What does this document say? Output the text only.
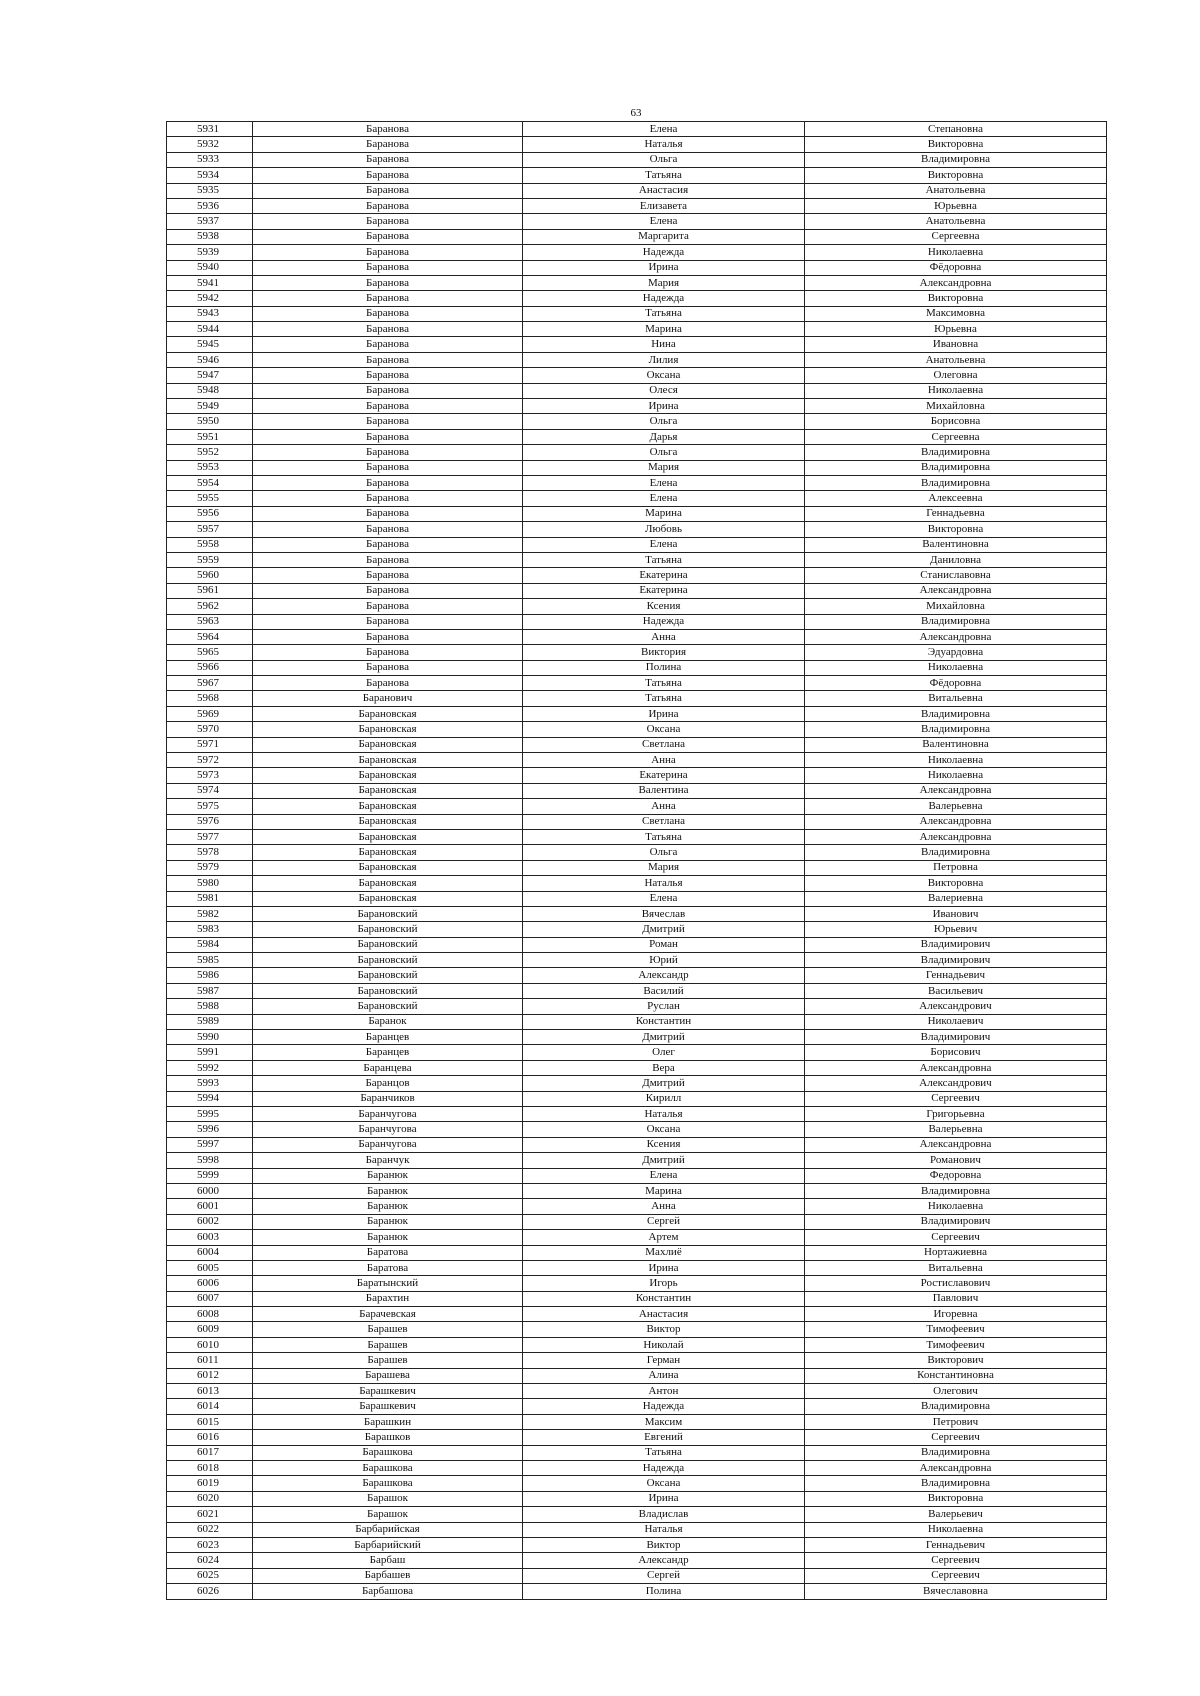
63
5931	Баранова	Елена	Степановна
5932	Баранова	Наталья	Викторовна
5933	Баранова	Ольга	Владимировна
5934	Баранова	Татьяна	Викторовна
5935	Баранова	Анастасия	Анатольевна
5936	Баранова	Елизавета	Юрьевна
5937	Баранова	Елена	Анатольевна
5938	Баранова	Маргарита	Сергеевна
5939	Баранова	Надежда	Николаевна
5940	Баранова	Ирина	Фёдоровна
5941	Баранова	Мария	Александровна
5942	Баранова	Надежда	Викторовна
5943	Баранова	Татьяна	Максимовна
5944	Баранова	Марина	Юрьевна
5945	Баранова	Нина	Ивановна
5946	Баранова	Лилия	Анатольевна
5947	Баранова	Оксана	Олеговна
5948	Баранова	Олеся	Николаевна
5949	Баранова	Ирина	Михайловна
5950	Баранова	Ольга	Борисовна
5951	Баранова	Дарья	Сергеевна
5952	Баранова	Ольга	Владимировна
5953	Баранова	Мария	Владимировна
5954	Баранова	Елена	Владимировна
5955	Баранова	Елена	Алексеевна
5956	Баранова	Марина	Геннадьевна
5957	Баранова	Любовь	Викторовна
5958	Баранова	Елена	Валентиновна
5959	Баранова	Татьяна	Даниловна
5960	Баранова	Екатерина	Станиславовна
5961	Баранова	Екатерина	Александровна
5962	Баранова	Ксения	Михайловна
5963	Баранова	Надежда	Владимировна
5964	Баранова	Анна	Александровна
5965	Баранова	Виктория	Эдуардовна
5966	Баранова	Полина	Николаевна
5967	Баранова	Татьяна	Фёдоровна
5968	Баранович	Татьяна	Витальевна
5969	Барановская	Ирина	Владимировна
5970	Барановская	Оксана	Владимировна
5971	Барановская	Светлана	Валентиновна
5972	Барановская	Анна	Николаевна
5973	Барановская	Екатерина	Николаевна
5974	Барановская	Валентина	Александровна
5975	Барановская	Анна	Валерьевна
5976	Барановская	Светлана	Александровна
5977	Барановская	Татьяна	Александровна
5978	Барановская	Ольга	Владимировна
5979	Барановская	Мария	Петровна
5980	Барановская	Наталья	Викторовна
5981	Барановская	Елена	Валериевна
5982	Барановский	Вячеслав	Иванович
5983	Барановский	Дмитрий	Юрьевич
5984	Барановский	Роман	Владимирович
5985	Барановский	Юрий	Владимирович
5986	Барановский	Александр	Геннадьевич
5987	Барановский	Василий	Васильевич
5988	Барановский	Руслан	Александрович
5989	Баранок	Константин	Николаевич
5990	Баранцев	Дмитрий	Владимирович
5991	Баранцев	Олег	Борисович
5992	Баранцева	Вера	Александровна
5993	Баранцов	Дмитрий	Александрович
5994	Баранчиков	Кирилл	Сергеевич
5995	Баранчугова	Наталья	Григорьевна
5996	Баранчугова	Оксана	Валерьевна
5997	Баранчугова	Ксения	Александровна
5998	Баранчук	Дмитрий	Романович
5999	Баранюк	Елена	Федоровна
6000	Баранюк	Марина	Владимировна
6001	Баранюк	Анна	Николаевна
6002	Баранюк	Сергей	Владимирович
6003	Баранюк	Артем	Сергеевич
6004	Баратова	Махлиё	Нортажиевна
6005	Баратова	Ирина	Витальевна
6006	Баратынский	Игорь	Ростиславович
6007	Барахтин	Константин	Павлович
6008	Барачевская	Анастасия	Игоревна
6009	Барашев	Виктор	Тимофеевич
6010	Барашев	Николай	Тимофеевич
6011	Барашев	Герман	Викторович
6012	Барашева	Алина	Константиновна
6013	Барашкевич	Антон	Олегович
6014	Барашкевич	Надежда	Владимировна
6015	Барашкин	Максим	Петрович
6016	Барашков	Евгений	Сергеевич
6017	Барашкова	Татьяна	Владимировна
6018	Барашкова	Надежда	Александровна
6019	Барашкова	Оксана	Владимировна
6020	Барашок	Ирина	Викторовна
6021	Барашок	Владислав	Валерьевич
6022	Барбарийская	Наталья	Николаевна
6023	Барбарийский	Виктор	Геннадьевич
6024	Барбаш	Александр	Сергеевич
6025	Барбашев	Сергей	Сергеевич
6026	Барбашова	Полина	Вячеславовна
